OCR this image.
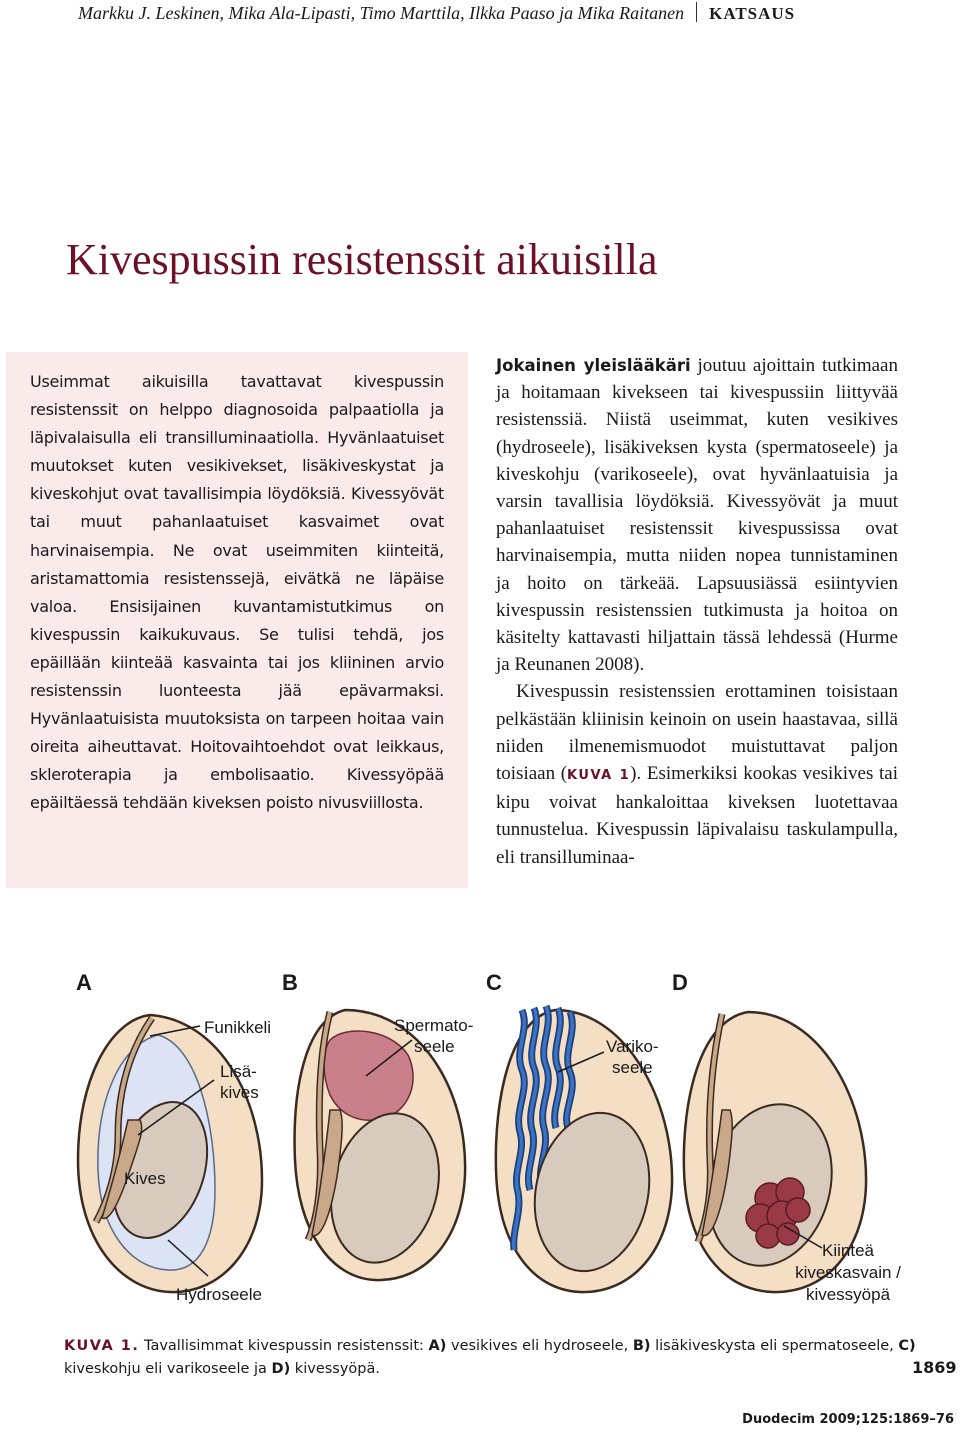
Markku J. Leskinen, Mika Ala-Lipasti, Timo Marttila, Ilkka Paaso ja Mika Raitanen KATSAUS
Kivespussin resistenssit aikuisilla

Useimmat aikuisilla tavattavat kivespussin resistenssit on helppo diagnosoida palpaatiolla ja läpivalaisulla eli transilluminaatiolla. Hyvänlaatuiset muutokset kuten vesikivekset, lisäkiveskystat ja kiveskohjut ovat tavallisimpia löydöksiä. Kivessyövät tai muut pahanlaatuiset kasvaimet ovat harvinaisempia. Ne ovat useimmiten kiinteitä, aristamattomia resistenssejä, eivätkä ne läpäise valoa. Ensisijainen kuvantamistutkimus on kivespussin kaikukuvaus. Se tulisi tehdä, jos epäillään kiinteää kasvainta tai jos kliininen arvio resistenssin luonteesta jää epävarmaksi. Hyvänlaatuisista muutoksista on tarpeen hoitaa vain oireita aiheuttavat. Hoitovaihtoehdot ovat leikkaus, skleroterapia ja embolisaatio. Kivessyöpää epäiltäessä tehdään kiveksen poisto nivusviillosta.

Jokainen yleislääkäri joutuu ajoittain tutkimaan ja hoitamaan kivekseen tai kivespussiin liittyvää resistenssiä. Niistä useimmat, kuten vesikives (hydroseele), lisäkiveksen kysta (spermatoseele) ja kiveskohju (varikoseele), ovat hyvänlaatuisia ja varsin tavallisia löydöksiä. Kivessyövät ja muut pahanlaatuiset resistenssit kivespussissa ovat harvinaisempia, mutta niiden nopea tunnistaminen ja hoito on tärkeää. Lapsuusiässä esiintyvien kivespussin resistenssien tutkimusta ja hoitoa on käsitelty kattavasti hiljattain tässä lehdessä (Hurme ja Reunanen 2008).

Kivespussin resistenssien erottaminen toisistaan pelkästään kliinisin keinoin on usein haastavaa, sillä niiden ilmenemismuodot muistuttavat paljon toisiaan (KUVA 1). Esimerkiksi kookas vesikives tai kipu voivat hankaloittaa kiveksen luotettavaa tunnustelua. Kivespussin läpivalaisu taskulampulla, eli transilluminaa-

A	B	C	D
Funikkeli
Lisä-
kives
Kives
Hydroseele
Spermato-
seele	Variko-
seele
Kiinteä
kiveskasvain /
kivessyöpä
KUVA 1. Tavallisimmat kivespussin resistenssit: A) vesikives eli hydroseele, B) lisäkiveskysta eli spermatoseele, C) kiveskohju eli varikoseele ja D) kivessyöpä.	1869
Duodecim 2009;125:1869–76
